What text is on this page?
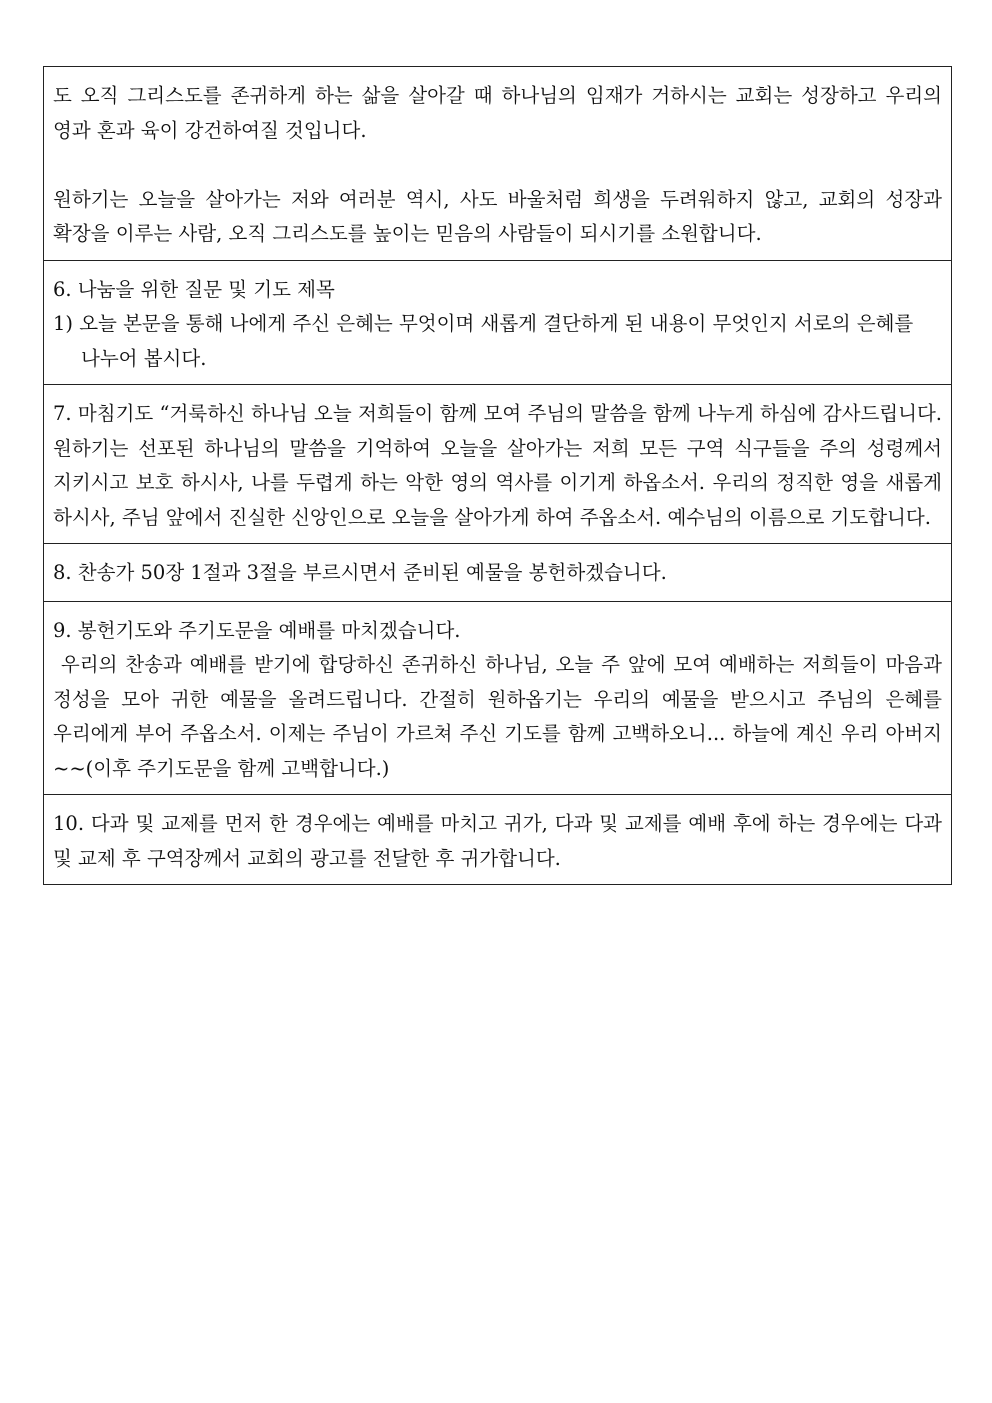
도 오직 그리스도를 존귀하게 하는 삶을 살아갈 때 하나님의 임재가 거하시는 교회는 성장하고 우리의 영과 혼과 육이 강건하여질 것입니다.

원하기는 오늘을 살아가는 저와 여러분 역시, 사도 바울처럼 희생을 두려워하지 않고, 교회의 성장과 확장을 이루는 사람, 오직 그리스도를 높이는 믿음의 사람들이 되시기를 소원합니다.

6. 나눔을 위한 질문 및 기도 제목

1) 오늘 본문을 통해 나에게 주신 은혜는 무엇이며 새롭게 결단하게 된 내용이 무엇인지 서로의 은혜를 나누어 봅시다.

7. 마침기도 “거룩하신 하나님 오늘 저희들이 함께 모여 주님의 말씀을 함께 나누게 하심에 감사드립니다. 원하기는 선포된 하나님의 말씀을 기억하여 오늘을 살아가는 저희 모든 구역 식구들을 주의 성령께서 지키시고 보호 하시사, 나를 두렵게 하는 악한 영의 역사를 이기게 하옵소서. 우리의 정직한 영을 새롭게 하시사, 주님 앞에서 진실한 신앙인으로 오늘을 살아가게 하여 주옵소서. 예수님의 이름으로 기도합니다.

8. 찬송가 50장 1절과 3절을 부르시면서 준비된 예물을 봉헌하겠습니다.

9. 봉헌기도와 주기도문을 예배를 마치겠습니다.

우리의 찬송과 예배를 받기에 합당하신 존귀하신 하나님, 오늘 주 앞에 모여 예배하는 저희들이 마음과 정성을 모아 귀한 예물을 올려드립니다. 간절히 원하옵기는 우리의 예물을 받으시고 주님의 은혜를 우리에게 부어 주옵소서. 이제는 주님이 가르쳐 주신 기도를 함께 고백하오니... 하늘에 계신 우리 아버지~~(이후 주기도문을 함께 고백합니다.)

10. 다과 및 교제를 먼저 한 경우에는 예배를 마치고 귀가, 다과 및 교제를 예배 후에 하는 경우에는 다과 및 교제 후 구역장께서 교회의 광고를 전달한 후 귀가합니다.
